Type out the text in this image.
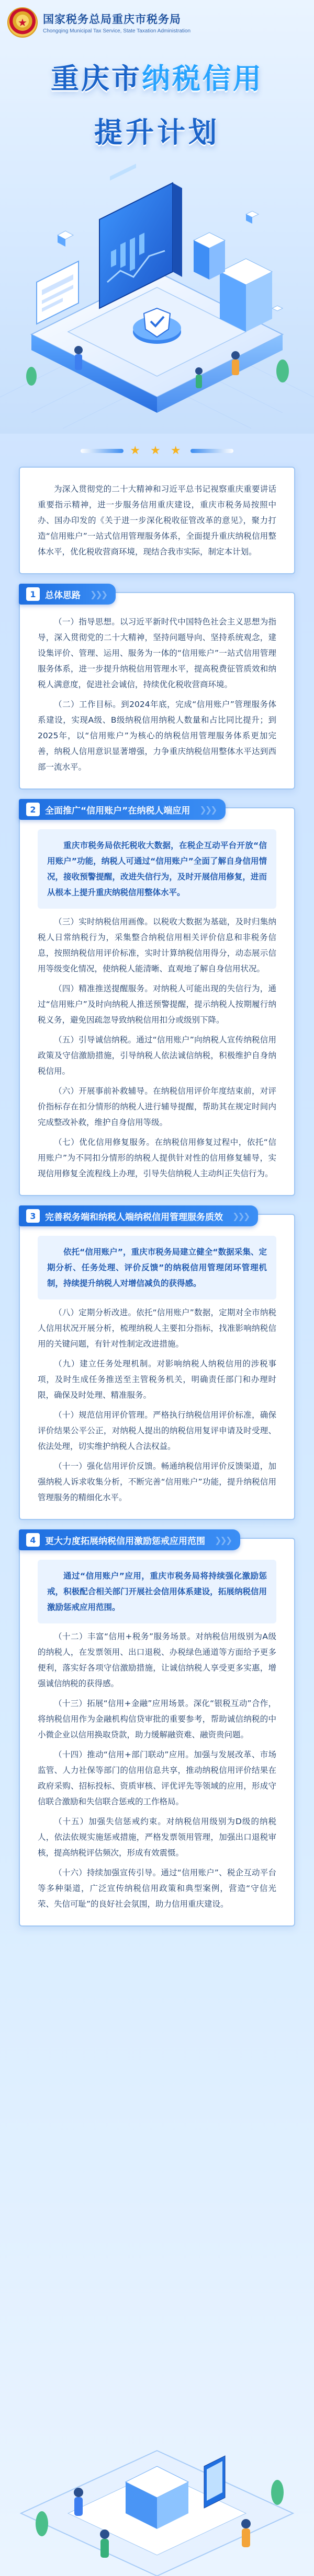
★ 国家税务总局重庆市税务局
Chongqing Municipal Tax Service, State Taxation Administration
重庆市纳税信用
提升计划
★ ★ ★

为深入贯彻党的二十大精神和习近平总书记视察重庆重要讲话重要指示精神，进一步服务信用重庆建设，重庆市税务局按照中办、国办印发的《关于进一步深化税收征管改革的意见》，聚力打造“信用账户”一站式信用管理服务体系，全面提升重庆纳税信用整体水平，优化税收营商环境，现结合我市实际，制定本计划。

1	总体思路 ❯❯❯

（一）指导思想。以习近平新时代中国特色社会主义思想为指导，深入贯彻党的二十大精神，坚持问题导向、坚持系统观念，建设集评价、管理、运用、服务为一体的“信用账户”一站式信用管理服务体系，进一步提升纳税信用管理水平，提高税费征管质效和纳税人满意度，促进社会诚信，持续优化税收营商环境。

（二）工作目标。到2024年底，完成“信用账户”管理服务体系建设，实现A级、B级纳税信用纳税人数量和占比同比提升；到2025年，以“信用账户”为核心的纳税信用管理服务体系更加完善，纳税人信用意识显著增强，力争重庆纳税信用整体水平达到西部一流水平。

2	全面推广“信用账户”在纳税人端应用 ❯❯❯

重庆市税务局依托税收大数据，在税企互动平台开放“信用账户”功能，纳税人可通过“信用账户”全面了解自身信用情况，接收预警提醒，改进失信行为，及时开展信用修复，进而从根本上提升重庆纳税信用整体水平。

（三）实时纳税信用画像。以税收大数据为基础，及时归集纳税人日常纳税行为，采集整合纳税信用相关评价信息和非税务信息，按照纳税信用评价标准，实时计算纳税信用得分，动态展示信用等级变化情况，使纳税人能清晰、直观地了解自身信用状况。

（四）精准推送提醒服务。对纳税人可能出现的失信行为，通过“信用账户”及时向纳税人推送预警提醒，提示纳税人按期履行纳税义务，避免因疏忽导致纳税信用扣分或级别下降。

（五）引导诚信纳税。通过“信用账户”向纳税人宣传纳税信用政策及守信激励措施，引导纳税人依法诚信纳税，积极维护自身纳税信用。

（六）开展事前补救辅导。在纳税信用评价年度结束前，对评价指标存在扣分情形的纳税人进行辅导提醒，帮助其在规定时间内完成整改补救，维护自身信用等级。

（七）优化信用修复服务。在纳税信用修复过程中，依托“信用账户”为不同扣分情形的纳税人提供针对性的信用修复辅导，实现信用修复全流程线上办理，引导失信纳税人主动纠正失信行为。

3	完善税务端和纳税人端纳税信用管理服务质效 ❯❯❯

依托“信用账户”，重庆市税务局建立健全“数据采集、定期分析、任务处理、评价反馈”的纳税信用管理闭环管理机制，持续提升纳税人对增信减负的获得感。

（八）定期分析改进。依托“信用账户”数据，定期对全市纳税人信用状况开展分析，梳理纳税人主要扣分指标，找准影响纳税信用的关键问题，有针对性制定改进措施。

（九）建立任务处理机制。对影响纳税人纳税信用的涉税事项，及时生成任务推送至主管税务机关，明确责任部门和办理时限，确保及时处理、精准服务。

（十）规范信用评价管理。严格执行纳税信用评价标准，确保评价结果公平公正，对纳税人提出的纳税信用复评申请及时受理、依法处理，切实维护纳税人合法权益。

（十一）强化信用评价反馈。畅通纳税信用评价反馈渠道，加强纳税人诉求收集分析，不断完善“信用账户”功能，提升纳税信用管理服务的精细化水平。

4	更大力度拓展纳税信用激励惩戒应用范围 ❯❯❯

通过“信用账户”应用，重庆市税务局将持续强化激励惩戒，积极配合相关部门开展社会信用体系建设，拓展纳税信用激励惩戒应用范围。

（十二）丰富“信用+税务”服务场景。对纳税信用级别为A级的纳税人，在发票领用、出口退税、办税绿色通道等方面给予更多便利，落实好各项守信激励措施，让诚信纳税人享受更多实惠，增强诚信纳税的获得感。

（十三）拓展“信用+金融”应用场景。深化“银税互动”合作，将纳税信用作为金融机构信贷审批的重要参考，帮助诚信纳税的中小微企业以信用换取贷款，助力缓解融资难、融资贵问题。

（十四）推动“信用+部门联动”应用。加强与发展改革、市场监管、人力社保等部门的信用信息共享，推动纳税信用评价结果在政府采购、招标投标、资质审核、评优评先等领域的应用，形成守信联合激励和失信联合惩戒的工作格局。

（十五）加强失信惩戒约束。对纳税信用级别为D级的纳税人，依法依规实施惩戒措施，严格发票领用管理，加强出口退税审核，提高纳税评估频次，形成有效震慑。

（十六）持续加强宣传引导。通过“信用账户”、税企互动平台等多种渠道，广泛宣传纳税信用政策和典型案例，营造“守信光荣、失信可耻”的良好社会氛围，助力信用重庆建设。
